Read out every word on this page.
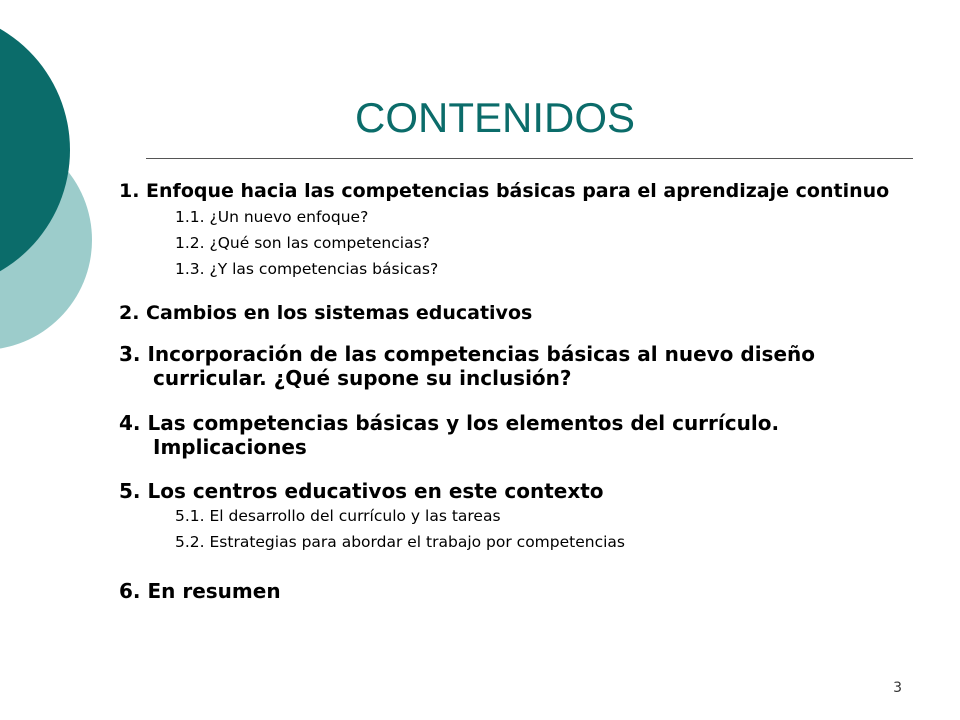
CONTENIDOS
1. Enfoque hacia las competencias básicas para el aprendizaje continuo
1.1. ¿Un nuevo enfoque?
1.2. ¿Qué son las competencias?
1.3. ¿Y las competencias básicas?
2. Cambios en los sistemas educativos
3. Incorporación de las competencias básicas al nuevo diseño curricular. ¿Qué supone su inclusión?
4. Las competencias básicas y los elementos del currículo. Implicaciones
5. Los centros educativos en este contexto
5.1. El desarrollo del currículo y las tareas
5.2. Estrategias para abordar el trabajo por competencias
6. En resumen
3
